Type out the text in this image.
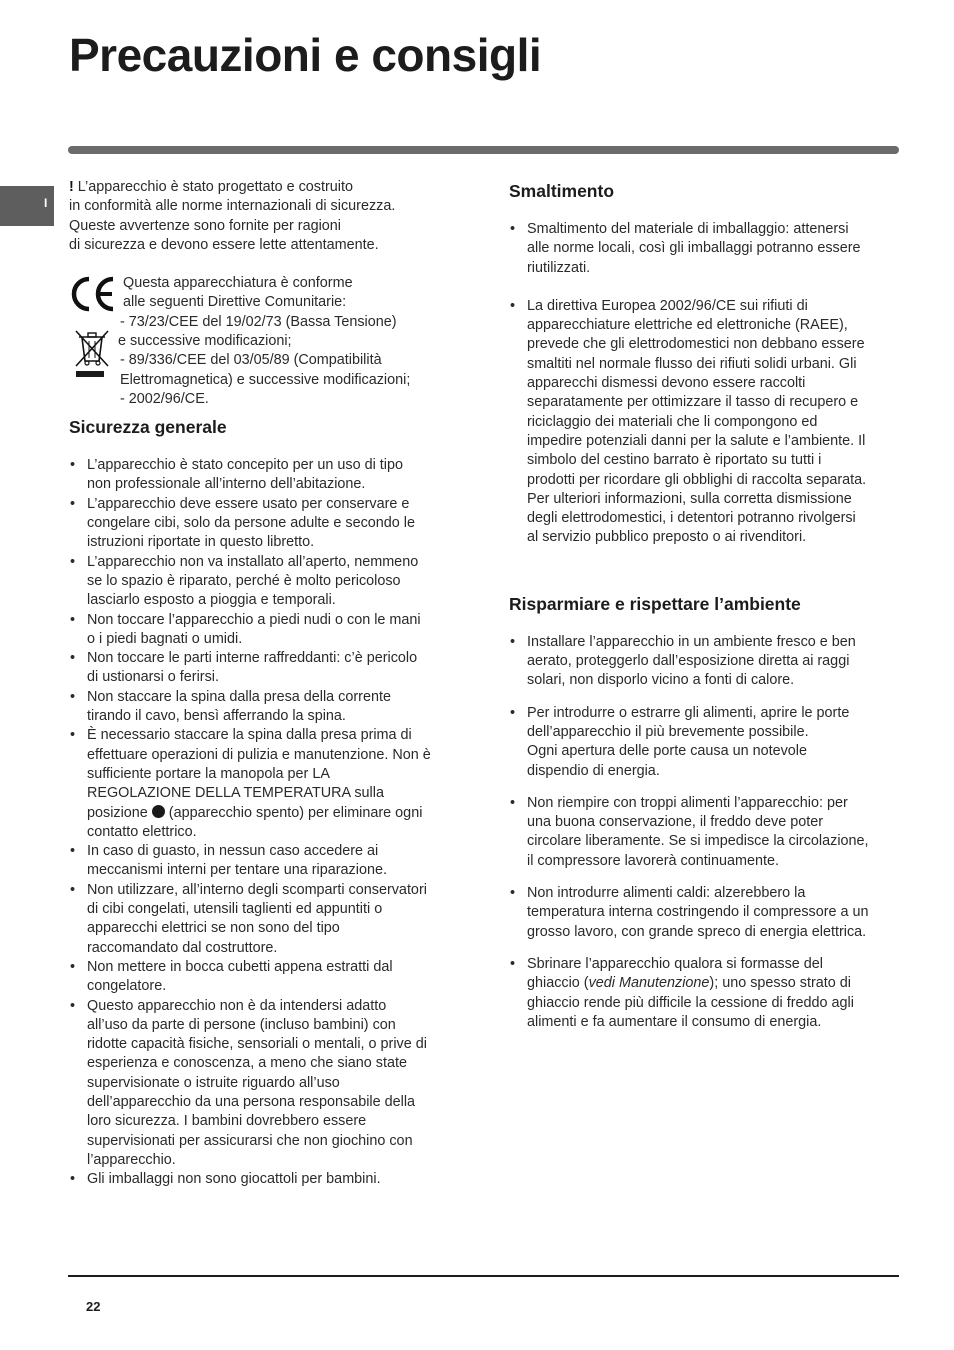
Precauzioni e consigli
I

! L’apparecchio è stato progettato e costruito

in conformità alle norme internazionali di sicurezza.

Queste avvertenze sono fornite per ragioni

di sicurezza e devono essere lette attentamente.

Questa apparecchiatura è conforme

alle seguenti Direttive Comunitarie:

- 73/23/CEE del 19/02/73 (Bassa Tensione)

e successive modificazioni;

- 89/336/CEE del 03/05/89 (Compatibilità

Elettromagnetica) e successive modificazioni;

- 2002/96/CE.

Sicurezza generale
• L’apparecchio è stato concepito per un uso di tipo
non professionale all’interno dell’abitazione.
• L’apparecchio deve essere usato per conservare e
congelare cibi, solo da persone adulte e secondo le
istruzioni riportate in questo libretto.
• L’apparecchio non va installato all’aperto, nemmeno
se lo spazio è riparato, perché è molto pericoloso
lasciarlo esposto a pioggia e temporali.
• Non toccare l’apparecchio a piedi nudi o con le mani
o i piedi bagnati o umidi.
• Non toccare le parti interne raffreddanti: c’è pericolo
di ustionarsi o ferirsi.
• Non staccare la spina dalla presa della corrente
tirando il cavo, bensì afferrando la spina.
• È necessario staccare la spina dalla presa prima di
effettuare operazioni di pulizia e manutenzione. Non è
sufficiente portare la manopola per LA
REGOLAZIONE DELLA TEMPERATURA sulla
posizione  (apparecchio spento) per eliminare ogni
contatto elettrico.
• In caso di guasto, in nessun caso accedere ai
meccanismi interni per tentare una riparazione.
• Non utilizzare, all’interno degli scomparti conservatori
di cibi congelati, utensili taglienti ed appuntiti o
apparecchi elettrici se non sono del tipo
raccomandato dal costruttore.
• Non mettere in bocca cubetti appena estratti dal
congelatore.
• Questo apparecchio non è da intendersi adatto
all’uso da parte di persone (incluso bambini) con
ridotte capacità fisiche, sensoriali o mentali, o prive di
esperienza e conoscenza, a meno che siano state
supervisionate o istruite riguardo all’uso
dell’apparecchio da una persona responsabile della
loro sicurezza. I bambini dovrebbero essere
supervisionati per assicurarsi che non giochino con
l’apparecchio.
• Gli imballaggi non sono giocattoli per bambini.
Smaltimento
• Smaltimento del materiale di imballaggio: attenersi
alle norme locali, così gli imballaggi potranno essere
riutilizzati.
• La direttiva Europea 2002/96/CE sui rifiuti di
apparecchiature elettriche ed elettroniche (RAEE),
prevede che gli elettrodomestici non debbano essere
smaltiti nel normale flusso dei rifiuti solidi urbani. Gli
apparecchi dismessi devono essere raccolti
separatamente per ottimizzare il tasso di recupero e
riciclaggio dei materiali che li compongono ed
impedire potenziali danni per la salute e l’ambiente. Il
simbolo del cestino barrato è riportato su tutti i
prodotti per ricordare gli obblighi di raccolta separata.
Per ulteriori informazioni, sulla corretta dismissione
degli elettrodomestici, i detentori potranno rivolgersi
al servizio pubblico preposto o ai rivenditori.
Risparmiare e rispettare l’ambiente
• Installare l’apparecchio in un ambiente fresco e ben
aerato, proteggerlo dall’esposizione diretta ai raggi
solari, non disporlo vicino a fonti di calore.
• Per introdurre o estrarre gli alimenti, aprire le porte
dell’apparecchio il più brevemente possibile.
Ogni apertura delle porte causa un notevole
dispendio di energia.
• Non riempire con troppi alimenti l’apparecchio: per
una buona conservazione, il freddo deve poter
circolare liberamente. Se si impedisce la circolazione,
il compressore lavorerà continuamente.
• Non introdurre alimenti caldi: alzerebbero la
temperatura interna costringendo il compressore a un
grosso lavoro, con grande spreco di energia elettrica.
• Sbrinare l’apparecchio qualora si formasse del
ghiaccio (vedi Manutenzione); uno spesso strato di
ghiaccio rende più difficile la cessione di freddo agli
alimenti e fa aumentare il consumo di energia.
22
